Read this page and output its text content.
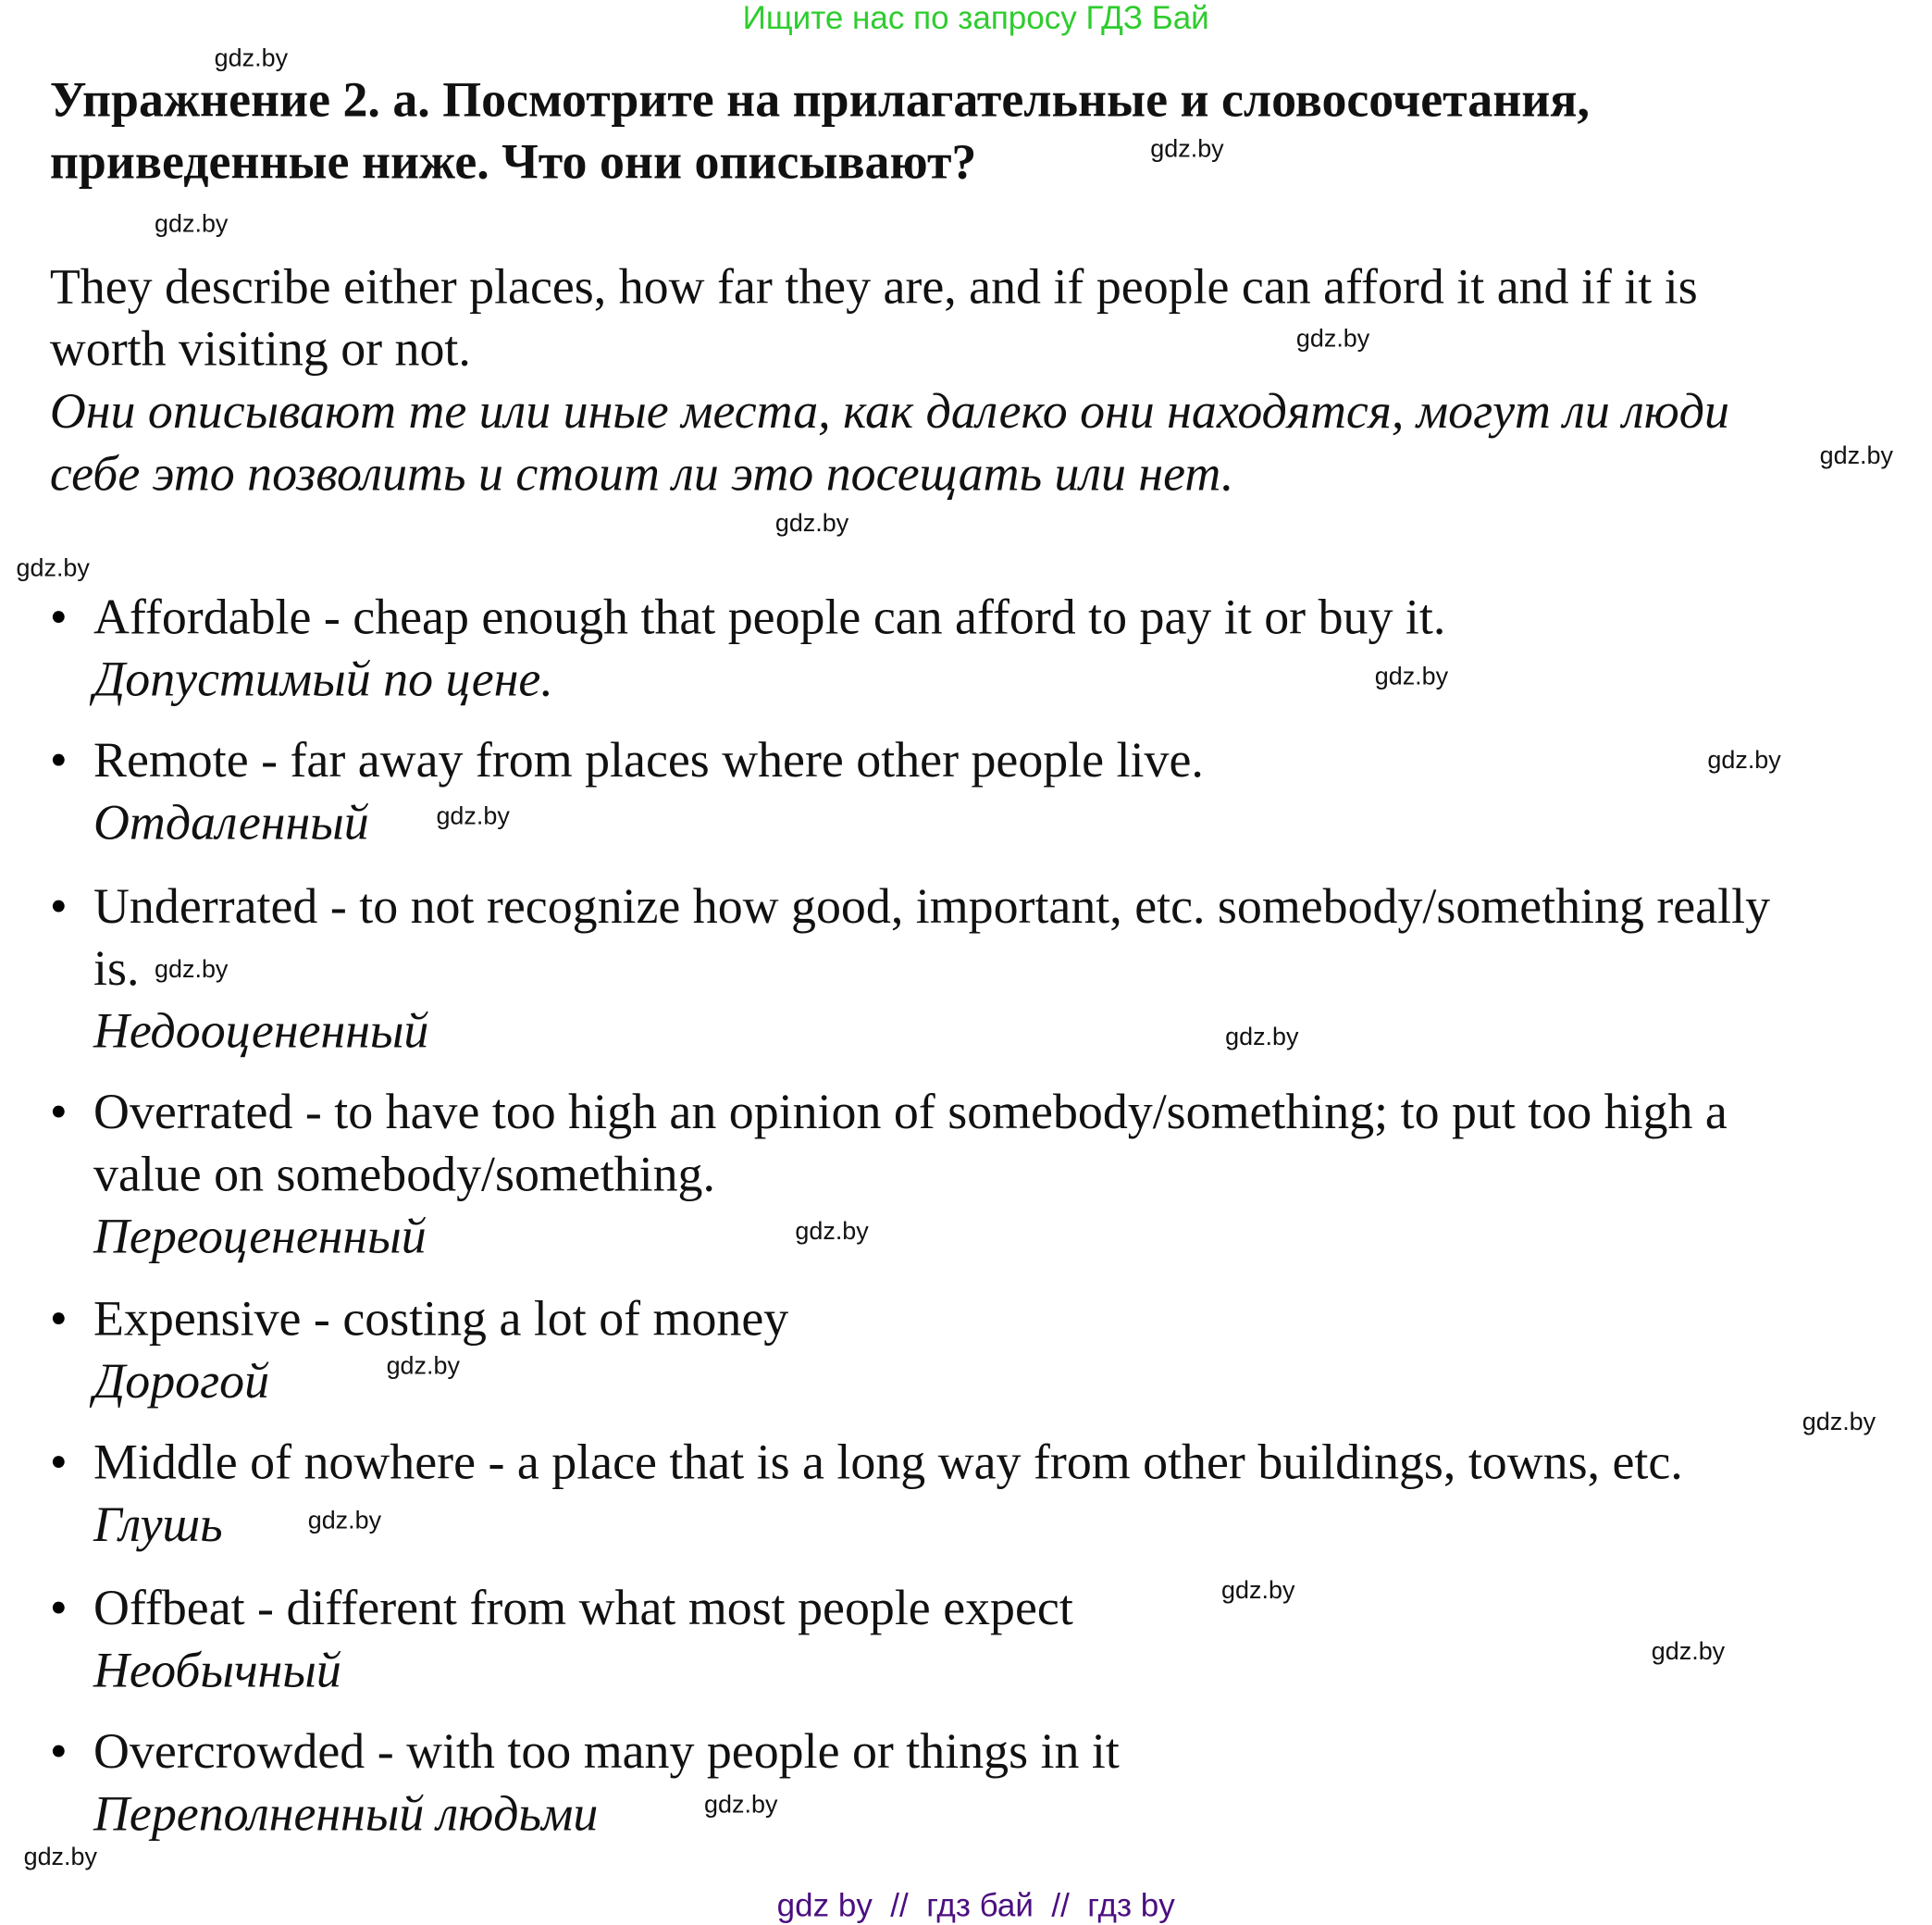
Ищите нас по запросу ГДЗ Бай
Упражнение 2. а. Посмотрите на прилагательные и словосочетания,
приведенные ниже. Что они описывают?
They describe either places, how far they are, and if people can afford it and if it is
worth visiting or not.
Они описывают те или иные места, как далеко они находятся, могут ли люди
себе это позволить и стоит ли это посещать или нет.
• Affordable - cheap enough that people can afford to pay it or buy it.
Допустимый по цене.
• Remote - far away from places where other people live.
Отдаленный
• Underrated - to not recognize how good, important, etc. somebody/something really
is.
Недооцененный
• Overrated - to have too high an opinion of somebody/something; to put too high a
value on somebody/something.
Переоцененный
• Expensive - costing a lot of money
Дорогой
• Middle of nowhere - a place that is a long way from other buildings, towns, etc.
Глушь
• Offbeat - different from what most people expect
Необычный
• Overcrowded - with too many people or things in it
Переполненный людьми
gdz.by
gdz.by
gdz.by
gdz.by
gdz.by
gdz.by
gdz.by
gdz.by
gdz.by
gdz.by
gdz.by
gdz.by
gdz.by
gdz.by
gdz.by
gdz.by
gdz.by
gdz.by
gdz.by
gdz.by
gdz by  //  гдз бай  //  гдз by
